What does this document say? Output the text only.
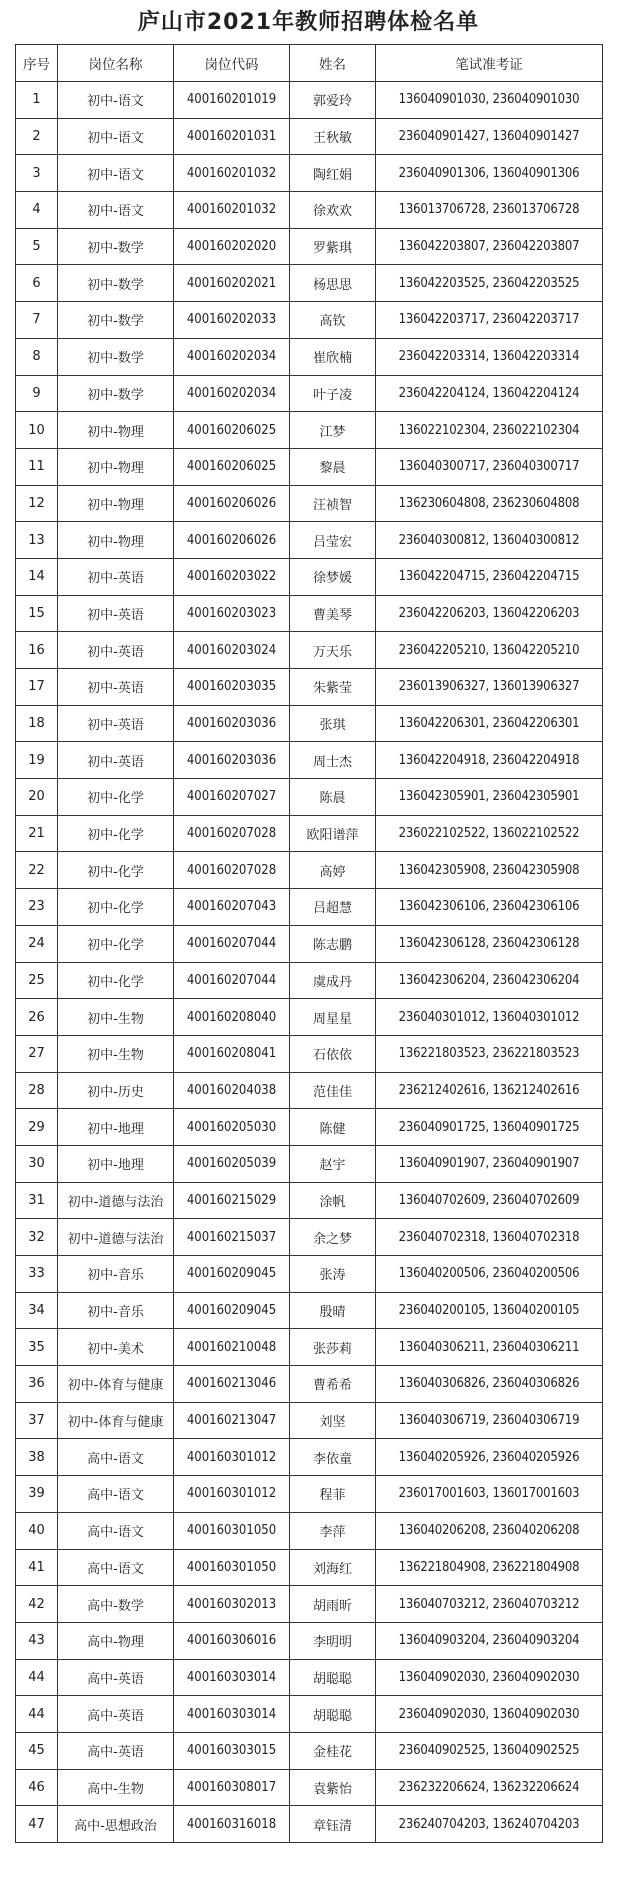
庐山市2021年教师招聘体检名单
序号	岗位名称	岗位代码	姓名	笔试准考证
1	初中-语文	400160201019	郭爱玲	136040901030, 236040901030
2	初中-语文	400160201031	王秋敏	236040901427, 136040901427
3	初中-语文	400160201032	陶红娟	236040901306, 136040901306
4	初中-语文	400160201032	徐欢欢	136013706728, 236013706728
5	初中-数学	400160202020	罗紫琪	136042203807, 236042203807
6	初中-数学	400160202021	杨思思	136042203525, 236042203525
7	初中-数学	400160202033	高钦	136042203717, 236042203717
8	初中-数学	400160202034	崔欣楠	236042203314, 136042203314
9	初中-数学	400160202034	叶子凌	236042204124, 136042204124
10	初中-物理	400160206025	江梦	136022102304, 236022102304
11	初中-物理	400160206025	黎晨	136040300717, 236040300717
12	初中-物理	400160206026	汪祯智	136230604808, 236230604808
13	初中-物理	400160206026	吕莹宏	236040300812, 136040300812
14	初中-英语	400160203022	徐梦媛	136042204715, 236042204715
15	初中-英语	400160203023	曹美琴	236042206203, 136042206203
16	初中-英语	400160203024	万天乐	236042205210, 136042205210
17	初中-英语	400160203035	朱紫莹	236013906327, 136013906327
18	初中-英语	400160203036	张琪	136042206301, 236042206301
19	初中-英语	400160203036	周士杰	136042204918, 236042204918
20	初中-化学	400160207027	陈晨	136042305901, 236042305901
21	初中-化学	400160207028	欧阳谱萍	236022102522, 136022102522
22	初中-化学	400160207028	高婷	136042305908, 236042305908
23	初中-化学	400160207043	吕超慧	136042306106, 236042306106
24	初中-化学	400160207044	陈志鹏	136042306128, 236042306128
25	初中-化学	400160207044	虞成丹	136042306204, 236042306204
26	初中-生物	400160208040	周星星	236040301012, 136040301012
27	初中-生物	400160208041	石依依	136221803523, 236221803523
28	初中-历史	400160204038	范佳佳	236212402616, 136212402616
29	初中-地理	400160205030	陈健	236040901725, 136040901725
30	初中-地理	400160205039	赵宇	136040901907, 236040901907
31	初中-道德与法治	400160215029	涂帆	136040702609, 236040702609
32	初中-道德与法治	400160215037	余之梦	236040702318, 136040702318
33	初中-音乐	400160209045	张涛	136040200506, 236040200506
34	初中-音乐	400160209045	殷晴	236040200105, 136040200105
35	初中-美术	400160210048	张莎莉	136040306211, 236040306211
36	初中-体育与健康	400160213046	曹希希	136040306826, 236040306826
37	初中-体育与健康	400160213047	刘坚	136040306719, 236040306719
38	高中-语文	400160301012	李依童	136040205926, 236040205926
39	高中-语文	400160301012	程菲	236017001603, 136017001603
40	高中-语文	400160301050	李萍	136040206208, 236040206208
41	高中-语文	400160301050	刘海红	136221804908, 236221804908
42	高中-数学	400160302013	胡雨昕	136040703212, 236040703212
43	高中-物理	400160306016	李明明	136040903204, 236040903204
44	高中-英语	400160303014	胡聪聪	136040902030, 236040902030
44	高中-英语	400160303014	胡聪聪	236040902030, 136040902030
45	高中-英语	400160303015	金桂花	236040902525, 136040902525
46	高中-生物	400160308017	袁紫怡	236232206624, 136232206624
47	高中-思想政治	400160316018	章钰清	236240704203, 136240704203
